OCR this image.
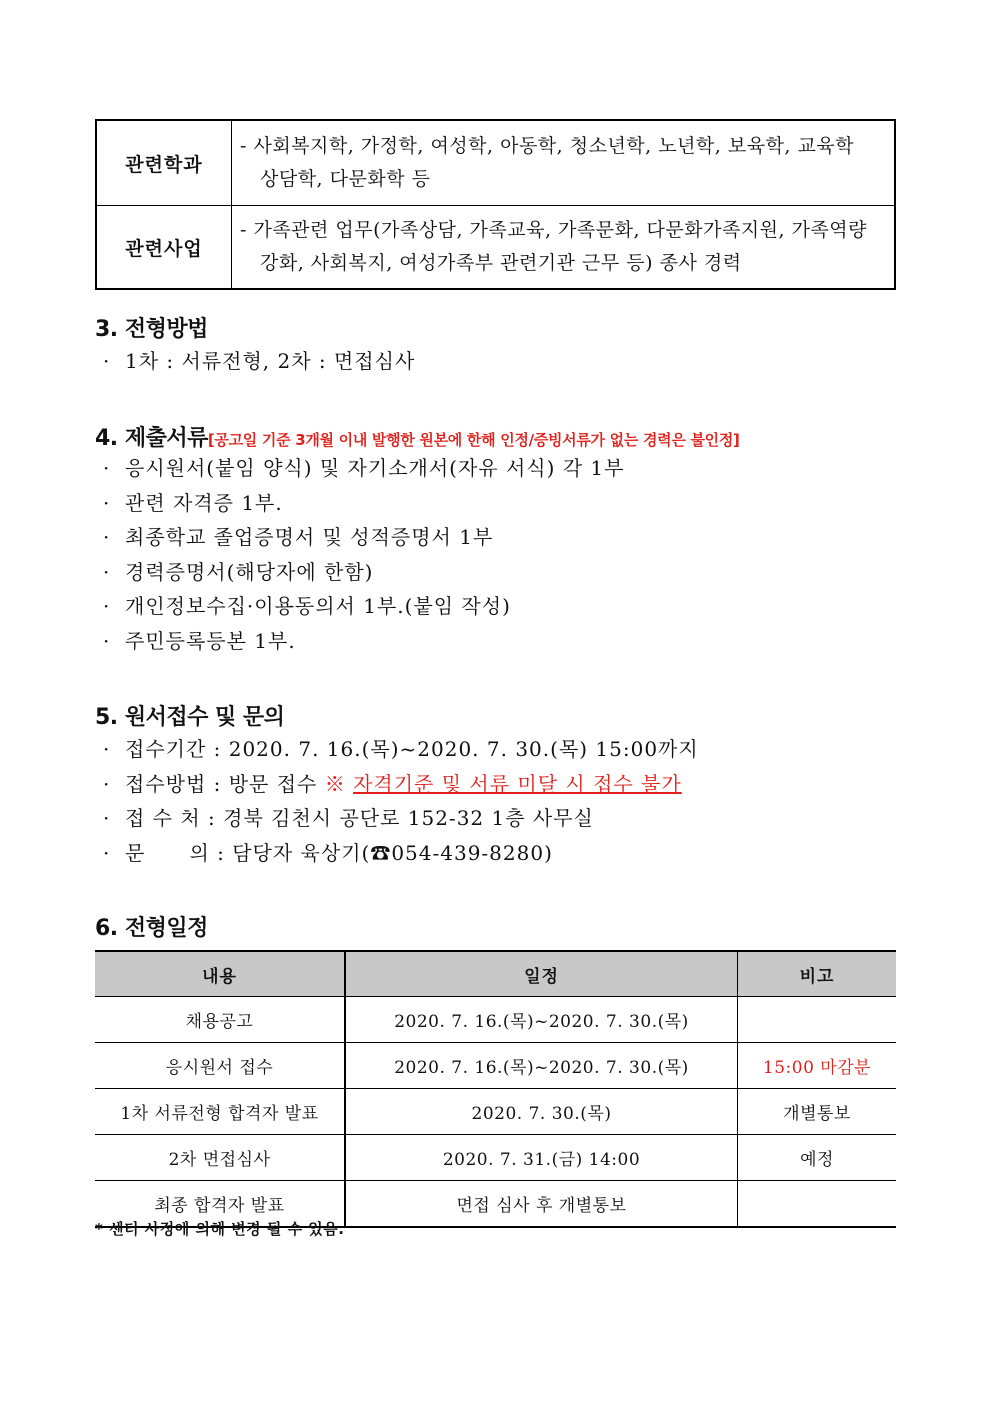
관련학과	- 사회복지학, 가정학, 여성학, 아동학, 청소년학, 노년학, 보육학, 교육학
상담학, 다문화학 등

관련사업	- 가족관련 업무(가족상담, 가족교육, 가족문화, 다문화가족지원, 가족역량
강화, 사회복지, 여성가족부 관련기관 근무 등) 종사 경력
3. 전형방법
· 1차 : 서류전형, 2차 : 면접심사
4. 제출서류[공고일 기준 3개월 이내 발행한 원본에 한해 인정/증빙서류가 없는 경력은 불인정]
· 응시원서(붙임 양식) 및 자기소개서(자유 서식) 각 1부
· 관련 자격증 1부.
· 최종학교 졸업증명서 및 성적증명서 1부
· 경력증명서(해당자에 한함)
· 개인정보수집·이용동의서 1부.(붙임 작성)
· 주민등록등본 1부.
5. 원서접수 및 문의
· 접수기간 : 2020. 7. 16.(목)~2020. 7. 30.(목) 15:00까지
· 접수방법 : 방문 접수 ※ 자격기준 및 서류 미달 시 접수 불가
· 접 수 처 : 경북 김천시 공단로 152-32 1층 사무실
· 문      의 : 담당자 육상기(☎054-439-8280)
6. 전형일정
내용	일정	비고
채용공고	2020. 7. 16.(목)~2020. 7. 30.(목)	
응시원서 접수	2020. 7. 16.(목)~2020. 7. 30.(목)	15:00 마감분
1차 서류전형 합격자 발표	2020. 7. 30.(목)	개별통보
2차 면접심사	2020. 7. 31.(금) 14:00	예정
최종 합격자 발표	면접 심사 후 개별통보	
* 센터 사정에 의해 변경 될 수 있음.
